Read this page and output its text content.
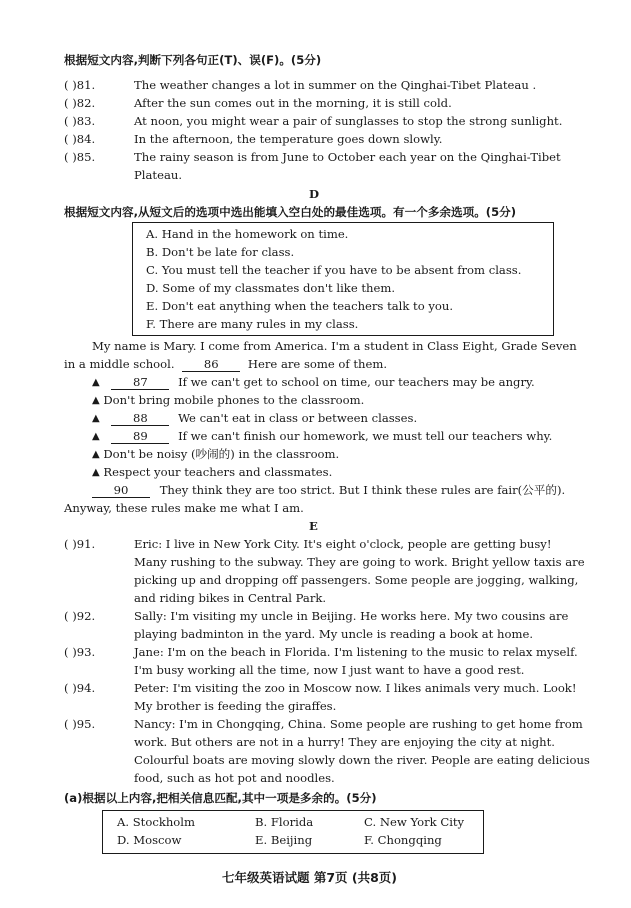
根据短文内容,判断下列各句正(T)、误(F)。(5分)
( )81.	The weather changes a lot in summer on the Qinghai-Tibet Plateau .
( )82.	After the sun comes out in the morning, it is still cold.
( )83.	At noon, you might wear a pair of sunglasses to stop the strong sunlight.
( )84.	In the afternoon, the temperature goes down slowly.
( )85.	The rainy season is from June to October each year on the Qinghai-Tibet
Plateau.
D
根据短文内容,从短文后的选项中选出能填入空白处的最佳选项。有一个多余选项。(5分)
A. Hand in the homework on time.
B. Don't be late for class.
C. You must tell the teacher if you have to be absent from class.
D. Some of my classmates don't like them.
E. Don't eat anything when the teachers talk to you.
F. There are many rules in my class.
My name is Mary. I come from America. I'm a student in Class Eight, Grade Seven
in a middle school.	86	Here are some of them.
▲	87	If we can't get to school on time, our teachers may be angry.
▲ Don't bring mobile phones to the classroom.
▲	88	We can't eat in class or between classes.
▲	89	If we can't finish our homework, we must tell our teachers why.
▲ Don't be noisy (吵闹的) in the classroom.
▲ Respect your teachers and classmates.
90	They think they are too strict. But I think these rules are fair(公平的).
Anyway, these rules make me what I am.
E
( )91.	Eric: I live in New York City. It's eight o'clock, people are getting busy!
Many rushing to the subway. They are going to work. Bright yellow taxis are
picking up and dropping off passengers. Some people are jogging, walking,
and riding bikes in Central Park.
( )92.	Sally: I'm visiting my uncle in Beijing. He works here. My two cousins are
playing badminton in the yard. My uncle is reading a book at home.
( )93.	Jane: I'm on the beach in Florida. I'm listening to the music to relax myself.
I'm busy working all the time, now I just want to have a good rest.
( )94.	Peter: I'm visiting the zoo in Moscow now. I likes animals very much. Look!
My brother is feeding the giraffes.
( )95.	Nancy: I'm in Chongqing, China. Some people are rushing to get home from
work. But others are not in a hurry! They are enjoying the city at night.
Colourful boats are moving slowly down the river. People are eating delicious
food, such as hot pot and noodles.
(a)根据以上内容,把相关信息匹配,其中一项是多余的。(5分)
A. Stockholm	B. Florida	C. New York City
D. Moscow	E. Beijing	F. Chongqing
七年级英语试题 第7页 (共8页)
